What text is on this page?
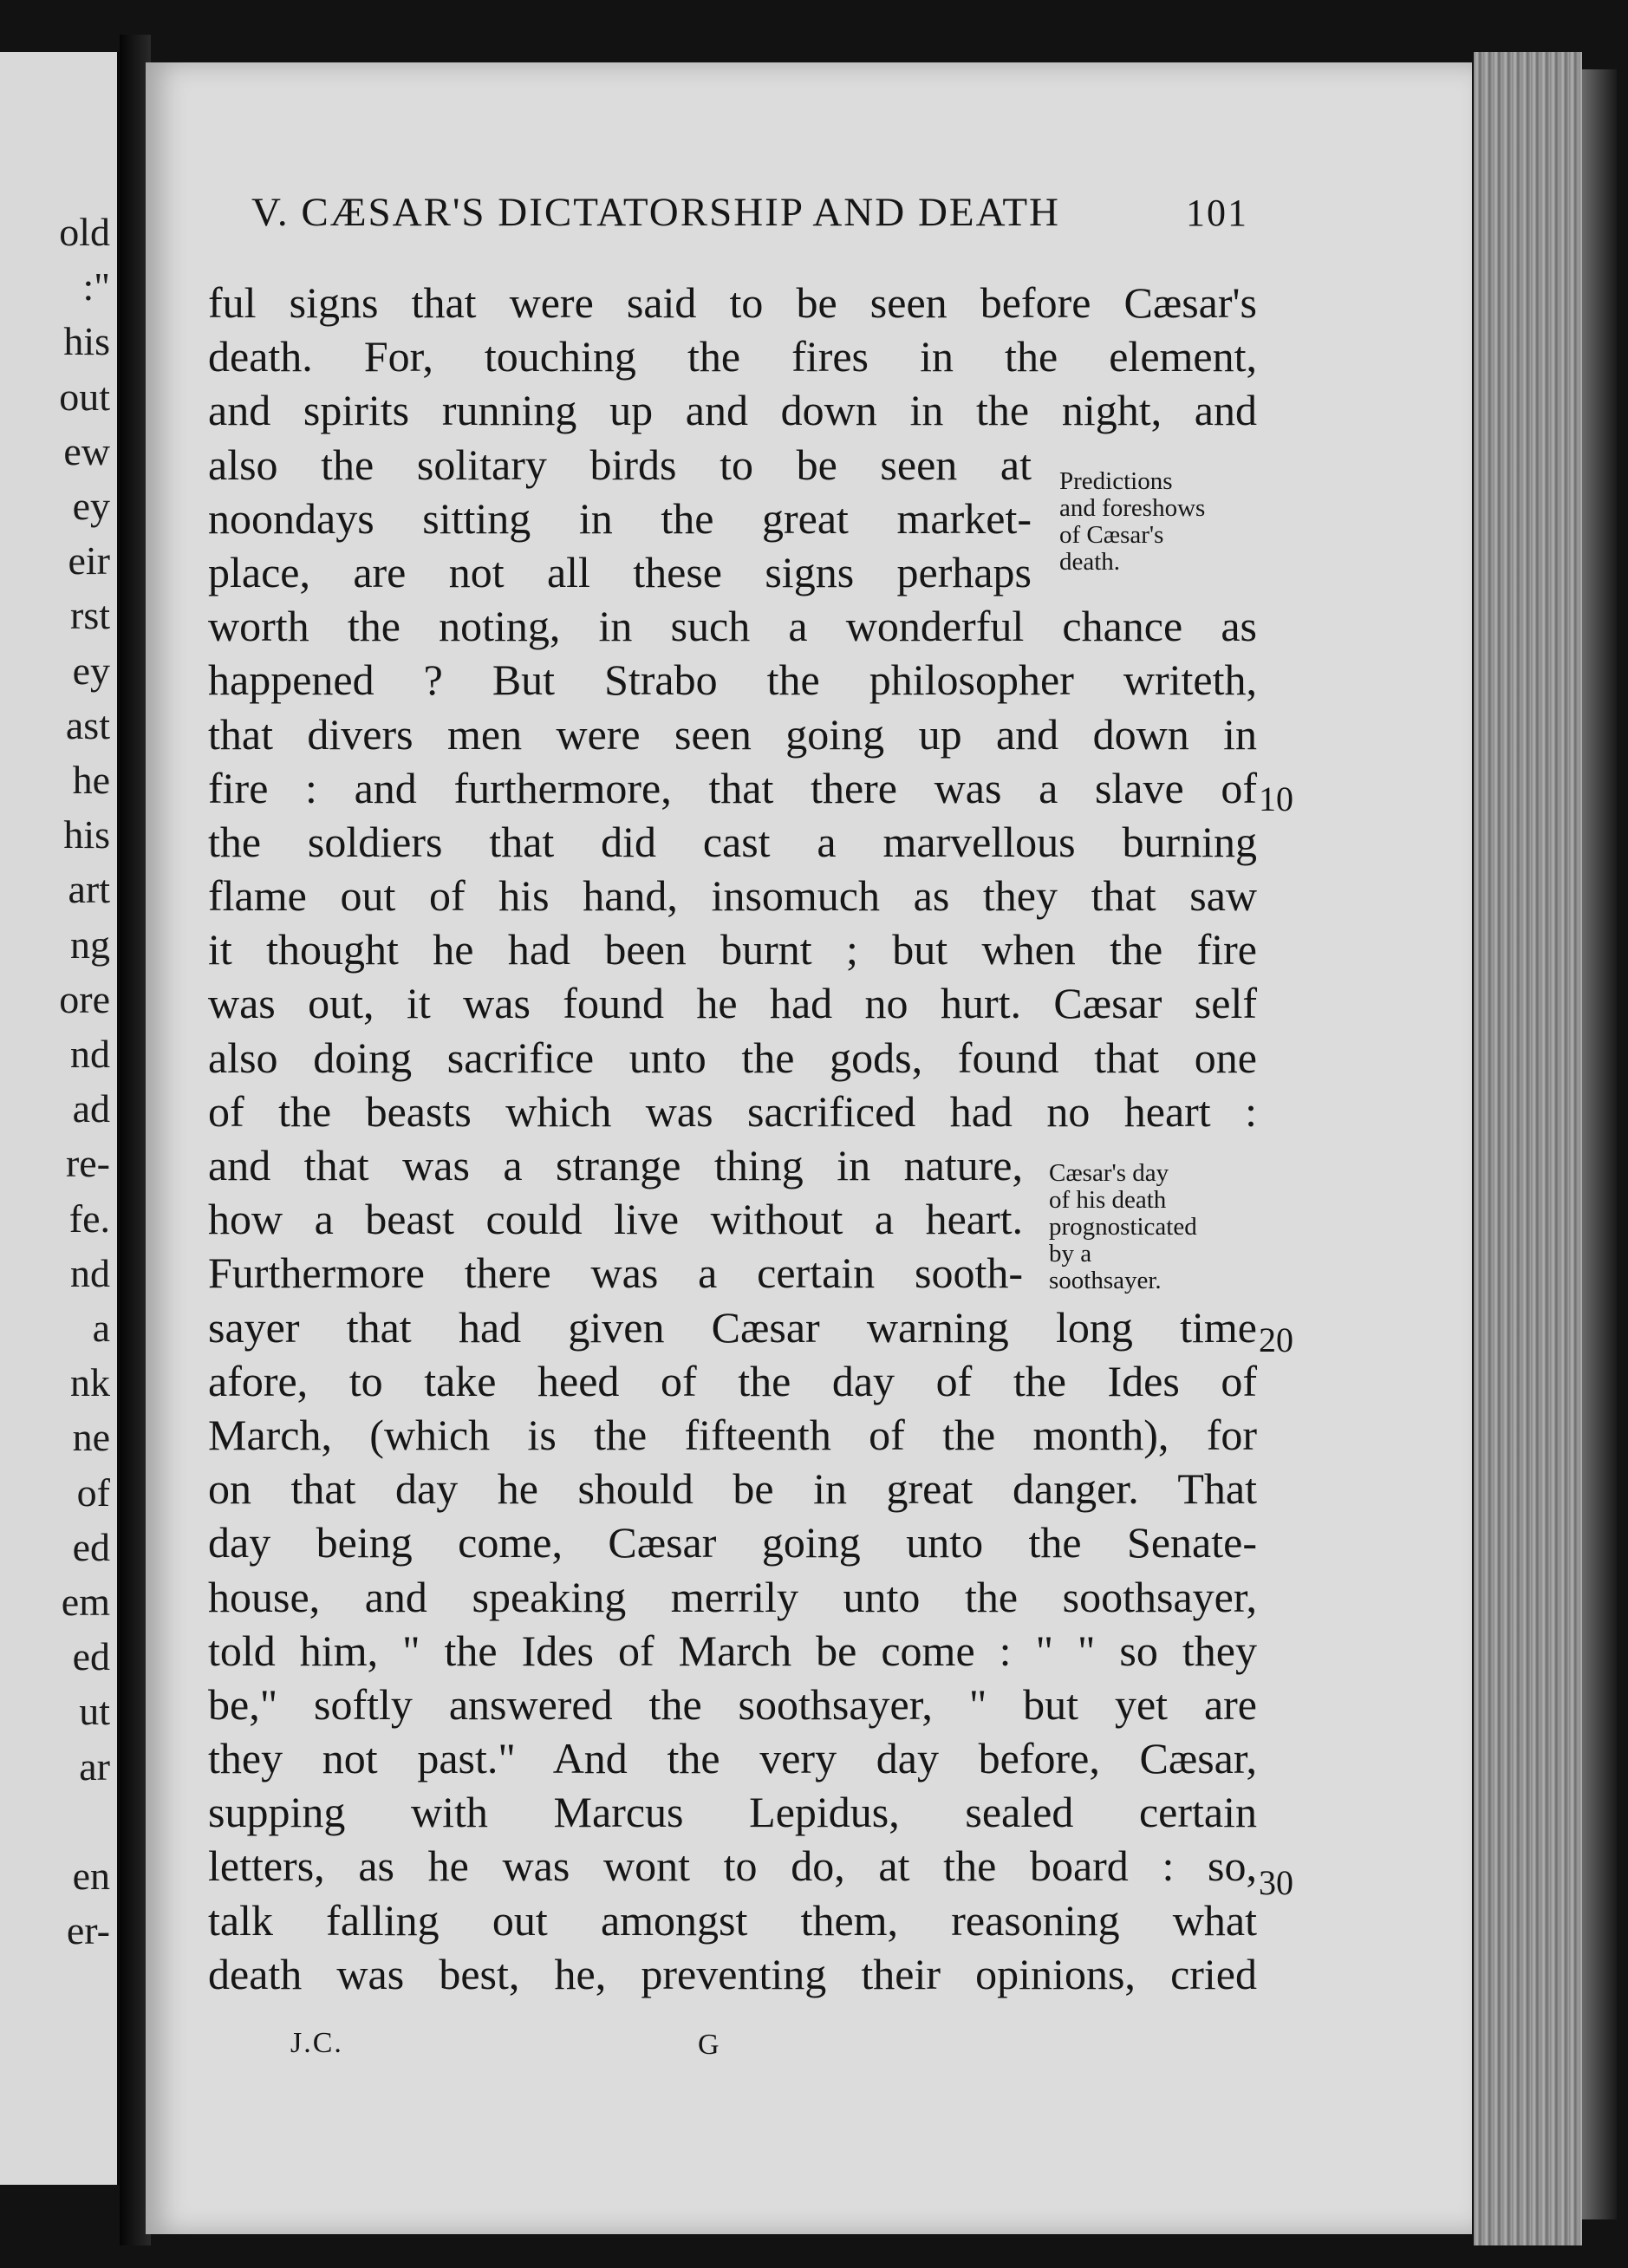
old
:"
his
out
ew
ey
eir
rst
ey
ast
he
his
art
ng
ore
nd
ad
re-
fe.
nd
a
nk
ne
of
ed
em
ed
ut
ar
en
er-
V. CÆSAR'S DICTATORSHIP AND DEATH	101
ful signs that were said to be seen before Cæsar's
death. For, touching the fires in the element,
and spirits running up and down in the night, and
also the solitary birds to be seen at
noondays sitting in the great market-
place, are not all these signs perhaps
worth the noting, in such a wonderful chance as
happened ? But Strabo the philosopher writeth,
that divers men were seen going up and down in
fire : and furthermore, that there was a slave of
the soldiers that did cast a marvellous burning
flame out of his hand, insomuch as they that saw
it thought he had been burnt ; but when the fire
was out, it was found he had no hurt. Cæsar self
also doing sacrifice unto the gods, found that one
of the beasts which was sacrificed had no heart :
and that was a strange thing in nature,
how a beast could live without a heart.
Furthermore there was a certain sooth-
sayer that had given Cæsar warning long time
afore, to take heed of the day of the Ides of
March, (which is the fifteenth of the month), for
on that day he should be in great danger. That
day being come, Cæsar going unto the Senate-
house, and speaking merrily unto the soothsayer,
told him, " the Ides of March be come : " " so they
be," softly answered the soothsayer, " but yet are
they not past." And the very day before, Cæsar,
supping with Marcus Lepidus, sealed certain
letters, as he was wont to do, at the board : so,
talk falling out amongst them, reasoning what
death was best, he, preventing their opinions, cried
Predictions
and foreshows
of Cæsar's
death.
Cæsar's day
of his death
prognosticated
by a
soothsayer.
10
20
30
J.C.	G
